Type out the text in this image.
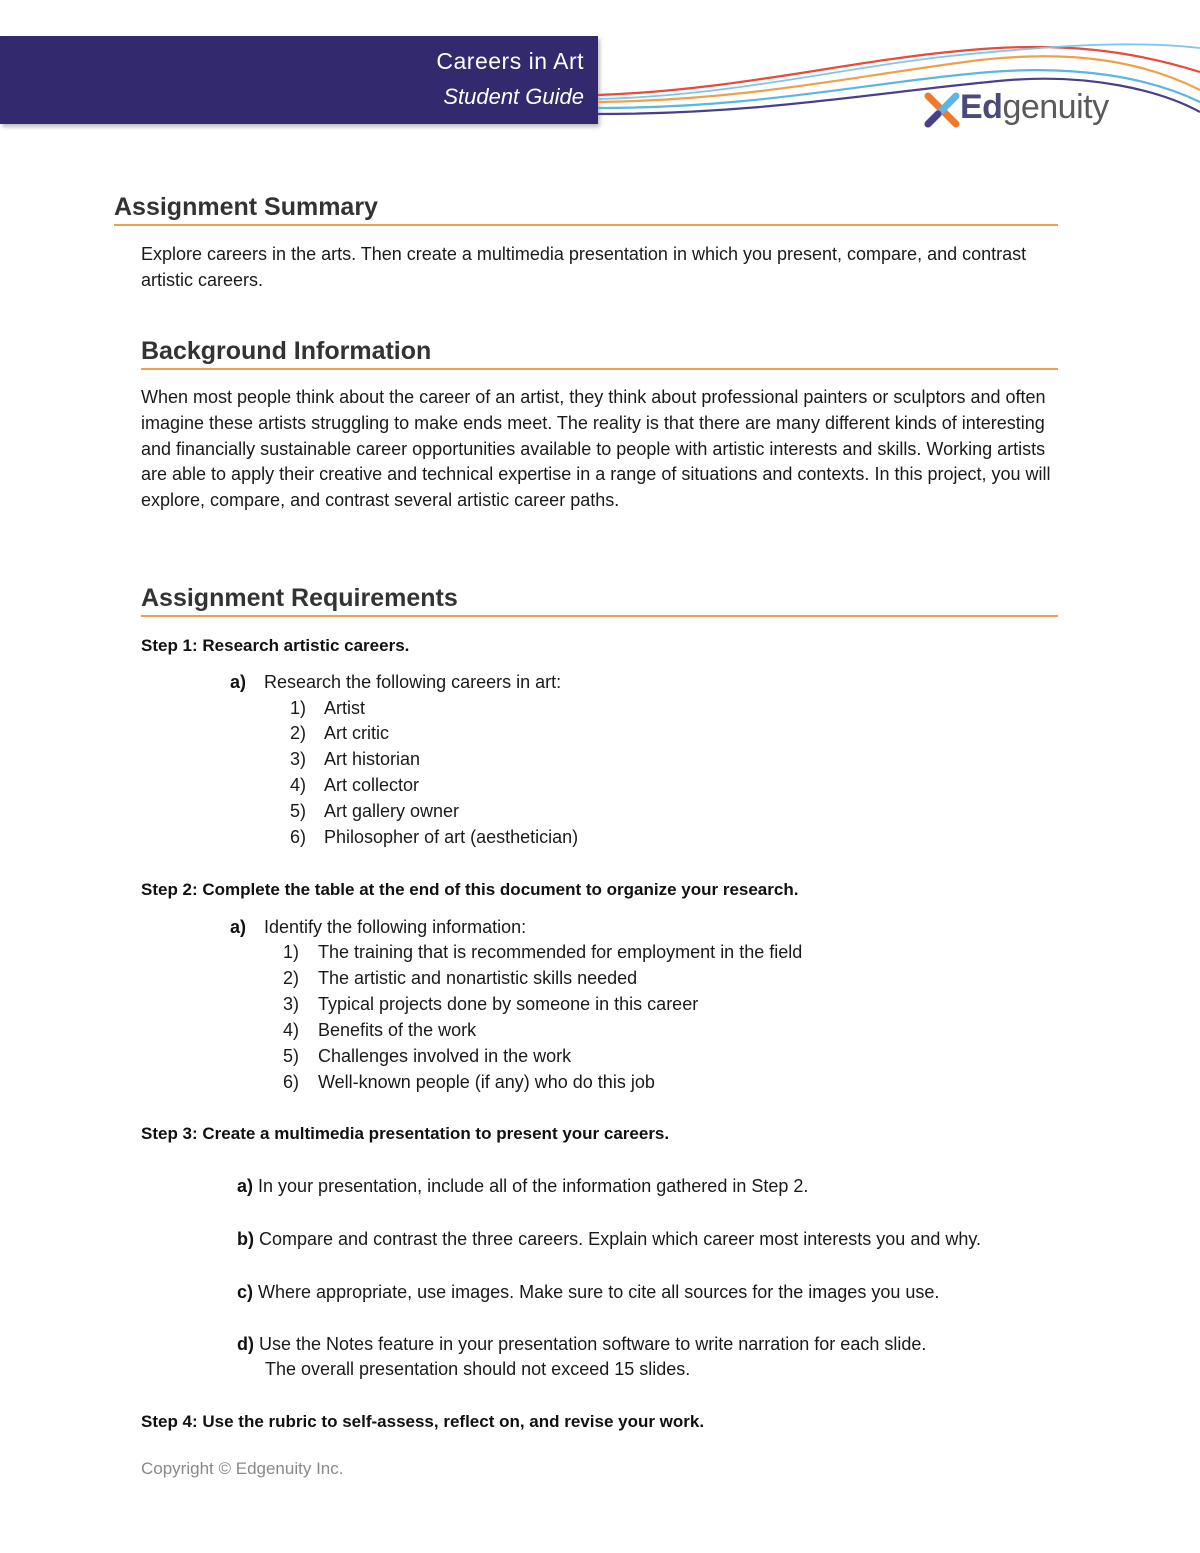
Careers in Art
Student Guide	Edgenuity
Assignment Summary

Explore careers in the arts. Then create a multimedia presentation in which you present, compare, and contrast artistic careers.

Background Information

When most people think about the career of an artist, they think about professional painters or sculptors and often imagine these artists struggling to make ends meet. The reality is that there are many different kinds of interesting and financially sustainable career opportunities available to people with artistic interests and skills. Working artists are able to apply their creative and technical expertise in a range of situations and contexts. In this project, you will explore, compare, and contrast several artistic career paths.

Assignment Requirements

Step 1: Research artistic careers.

a) Research the following careers in art:

1) Artist

2) Art critic

3) Art historian

4) Art collector

5) Art gallery owner

6) Philosopher of art (aesthetician)

Step 2: Complete the table at the end of this document to organize your research.

a) Identify the following information:

1) The training that is recommended for employment in the field

2) The artistic and nonartistic skills needed

3) Typical projects done by someone in this career

4) Benefits of the work

5) Challenges involved in the work

6) Well-known people (if any) who do this job

Step 3: Create a multimedia presentation to present your careers.

a) In your presentation, include all of the information gathered in Step 2.

b) Compare and contrast the three careers. Explain which career most interests you and why.

c) Where appropriate, use images. Make sure to cite all sources for the images you use.

d) Use the Notes feature in your presentation software to write narration for each slide.

The overall presentation should not exceed 15 slides.

Step 4: Use the rubric to self-assess, reflect on, and revise your work.

Copyright © Edgenuity Inc.
